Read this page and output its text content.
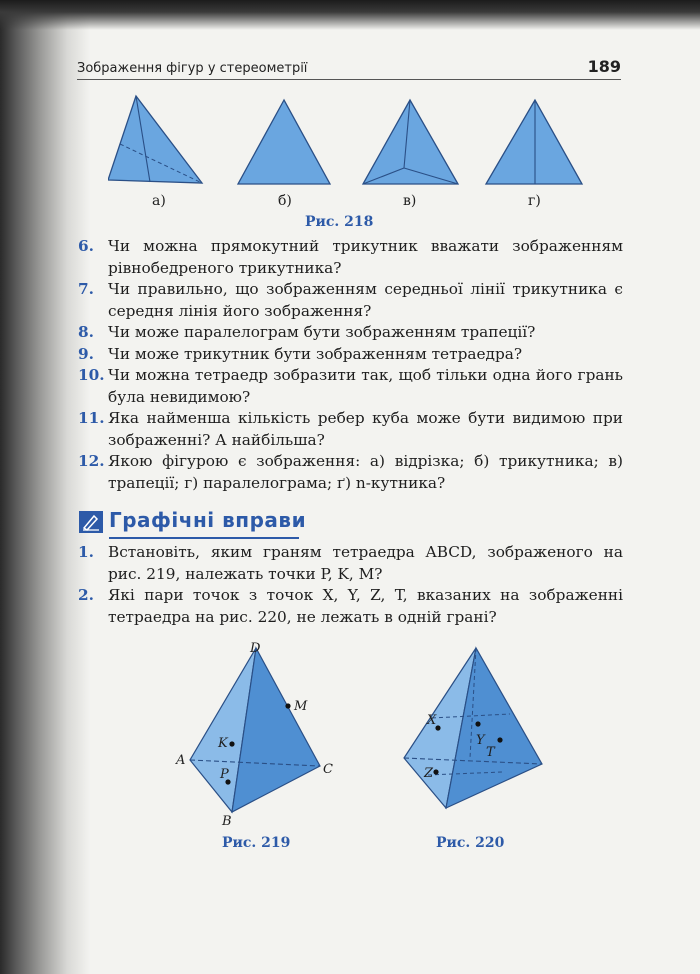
Зображення фігур у стереометрії	189
а)	б)	в)	г)
Рис. 218
6. Чи можна прямокутний трикутник вважати зображенням рівнобедреного трикутника?
7. Чи правильно, що зображенням середньої лінії трикутника є середня лінія його зображення?
8. Чи може паралелограм бути зображенням трапеції?
9. Чи може трикутник бути зображенням тетраедра?
10. Чи можна тетраедр зобразити так, щоб тільки одна його грань була невидимою?
11. Яка найменша кількість ребер куба може бути видимою при зображенні? А найбільша?
12. Якою фігурою є зображення: а) відрізка; б) трикутника; в) трапеції; г) паралелограма; ґ) n-кутника?
Графічні вправи
1. Встановіть, яким граням тетраедра ABCD, зображеного на рис. 219, належать точки P, K, M?
2. Які пари точок з точок X, Y, Z, T, вказаних на зображенні тетраедра на рис. 220, не лежать в одній грані?
D
M
K
A
P	C
B
Рис. 219
X
Y
T
Z
Рис. 220
